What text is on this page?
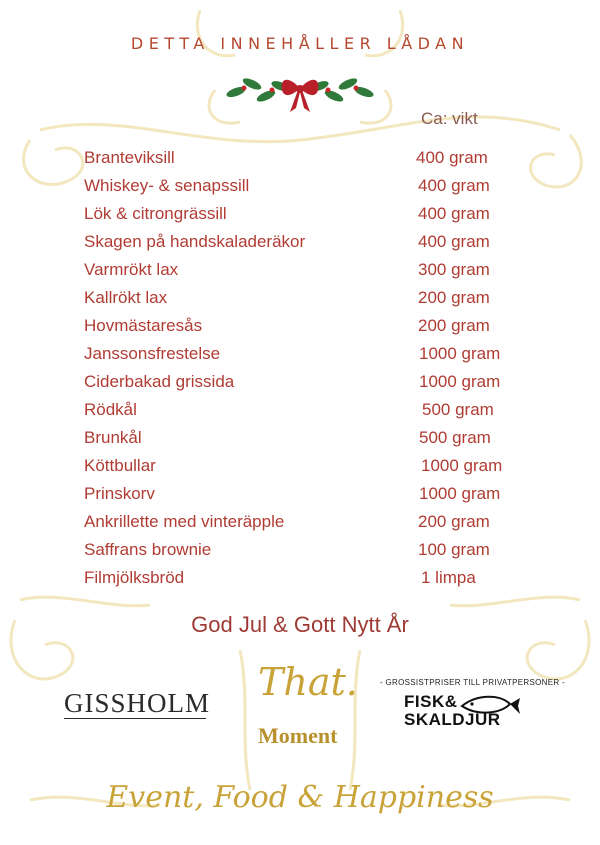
DETTA INNEHÅLLER LÅDAN
Ca: vikt
Branteviksill	400 gram
Whiskey- & senapssill	400 gram
Lök & citrongrässill	400 gram
Skagen på handskaladeräkor	400 gram
Varmrökt lax	300 gram
Kallrökt lax	200 gram
Hovmästaresås	200 gram
Janssonsfrestelse	1000 gram
Ciderbakad grissida	1000 gram
Rödkål	500 gram
Brunkål	500 gram
Köttbullar	1000 gram
Prinskorv	1000 gram
Ankrillette med vinteräpple	200 gram
Saffrans brownie	100 gram
Filmjölksbröd	1 limpa
God Jul & Gott Nytt År
GISSHOLM That.
Moment
- GROSSISTPRISER TILL PRIVATPERSONER -
FISK&
SKALDJUR
Event, Food & Happiness
